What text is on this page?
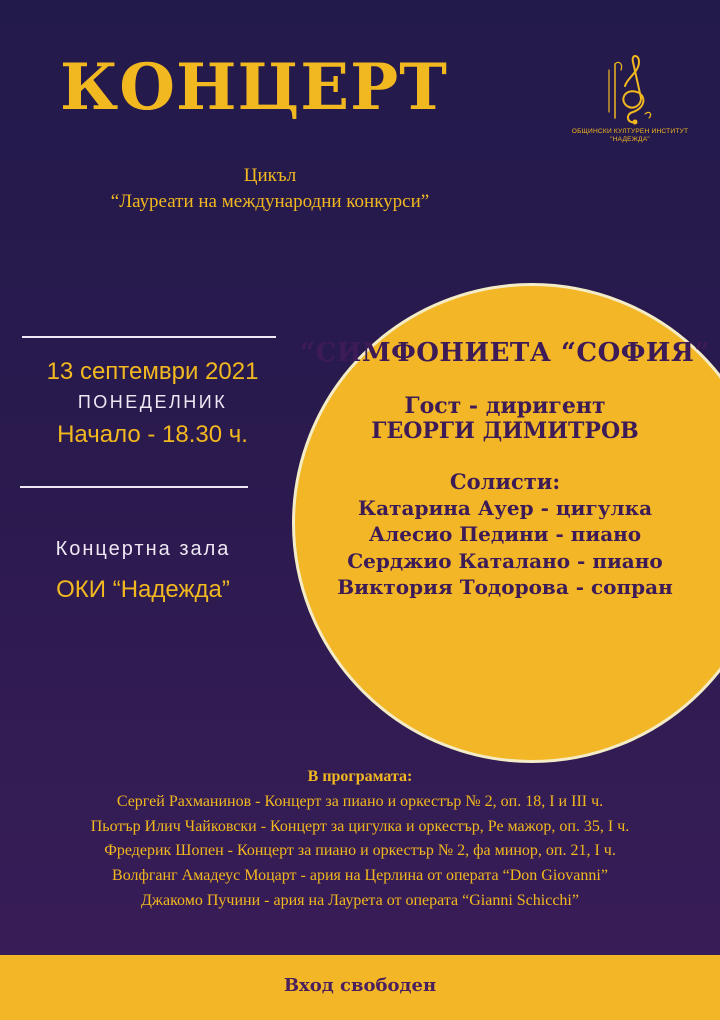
КОНЦЕРТ
ОБЩИНСКИ КУЛТУРЕН ИНСТИТУТ
"НАДЕЖДА"
Цикъл
“Лауреати на международни конкурси”
13 септември 2021
ПОНЕДЕЛНИК
Начало - 18.30 ч.
Концертна зала
ОКИ “Надежда”
“СИМФОНИЕТА “СОФИЯ”
Гост - диригент
ГЕОРГИ ДИМИТРОВ
Солисти:
Катарина Ауер - цигулка
Алесио Педини - пиано
Серджио Каталано - пиано
Виктория Тодорова - сопран
В програмата:
Сергей Рахманинов - Концерт за пиано и оркестър № 2, оп. 18, I и III ч.
Пьотър Илич Чайковски - Концерт за цигулка и оркестър, Ре мажор, оп. 35, I ч.
Фредерик Шопен - Концерт за пиано и оркестър № 2, фа минор, оп. 21, I ч.
Волфганг Амадеус Моцарт - ария на Церлина от операта “Don Giovanni”
Джакомо Пучини - ария на Лаурета от операта “Gianni Schicchi”
Вход свободен
